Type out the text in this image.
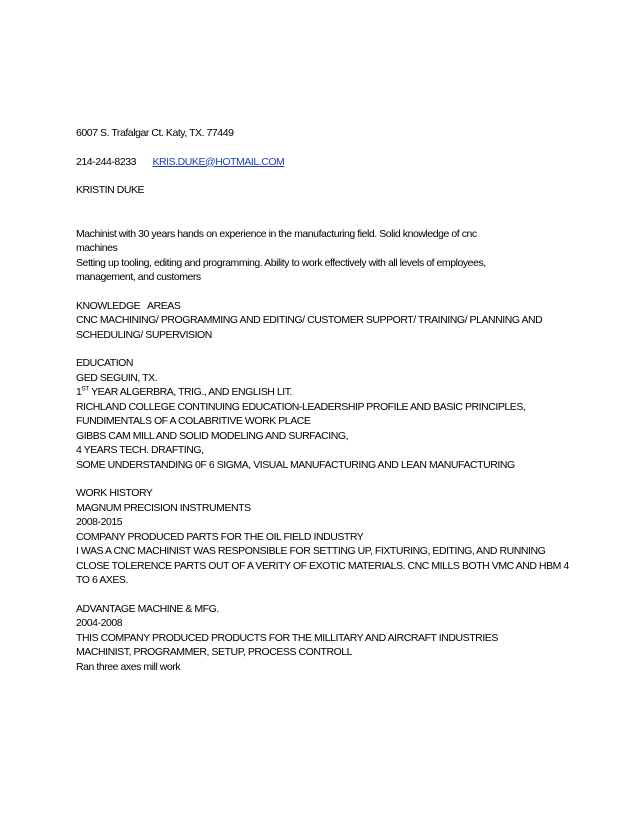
6007 S. Trafalgar Ct. Katy, TX. 77449
214-244-8233 KRIS.DUKE@HOTMAIL.COM
KRISTIN DUKE
Machinist with 30 years hands on experience in the manufacturing field. Solid knowledge of cnc
machines
Setting up tooling, editing and programming. Ability to work effectively with all levels of employees,
management, and customers
KNOWLEDGE   AREAS
CNC MACHINING/ PROGRAMMING AND EDITING/ CUSTOMER SUPPORT/ TRAINING/ PLANNING AND
SCHEDULING/ SUPERVISION
EDUCATION
GED SEGUIN, TX.
1ST YEAR ALGERBRA, TRIG., AND ENGLISH LIT.
RICHLAND COLLEGE CONTINUING EDUCATION-LEADERSHIP PROFILE AND BASIC PRINCIPLES,
FUNDIMENTALS OF A COLABRITIVE WORK PLACE
GIBBS CAM MILL AND SOLID MODELING AND SURFACING,
4 YEARS TECH. DRAFTING,
SOME UNDERSTANDING 0F 6 SIGMA, VISUAL MANUFACTURING AND LEAN MANUFACTURING
WORK HISTORY
MAGNUM PRECISION INSTRUMENTS
2008-2015
COMPANY PRODUCED PARTS FOR THE OIL FIELD INDUSTRY
I WAS A CNC MACHINIST WAS RESPONSIBLE FOR SETTING UP, FIXTURING, EDITING, AND RUNNING
CLOSE TOLERENCE PARTS OUT OF A VERITY OF EXOTIC MATERIALS. CNC MILLS BOTH VMC AND HBM 4
TO 6 AXES.
ADVANTAGE MACHINE & MFG.
2004-2008
THIS COMPANY PRODUCED PRODUCTS FOR THE MILLITARY AND AIRCRAFT INDUSTRIES
MACHINIST, PROGRAMMER, SETUP, PROCESS CONTROLL
Ran three axes mill work
